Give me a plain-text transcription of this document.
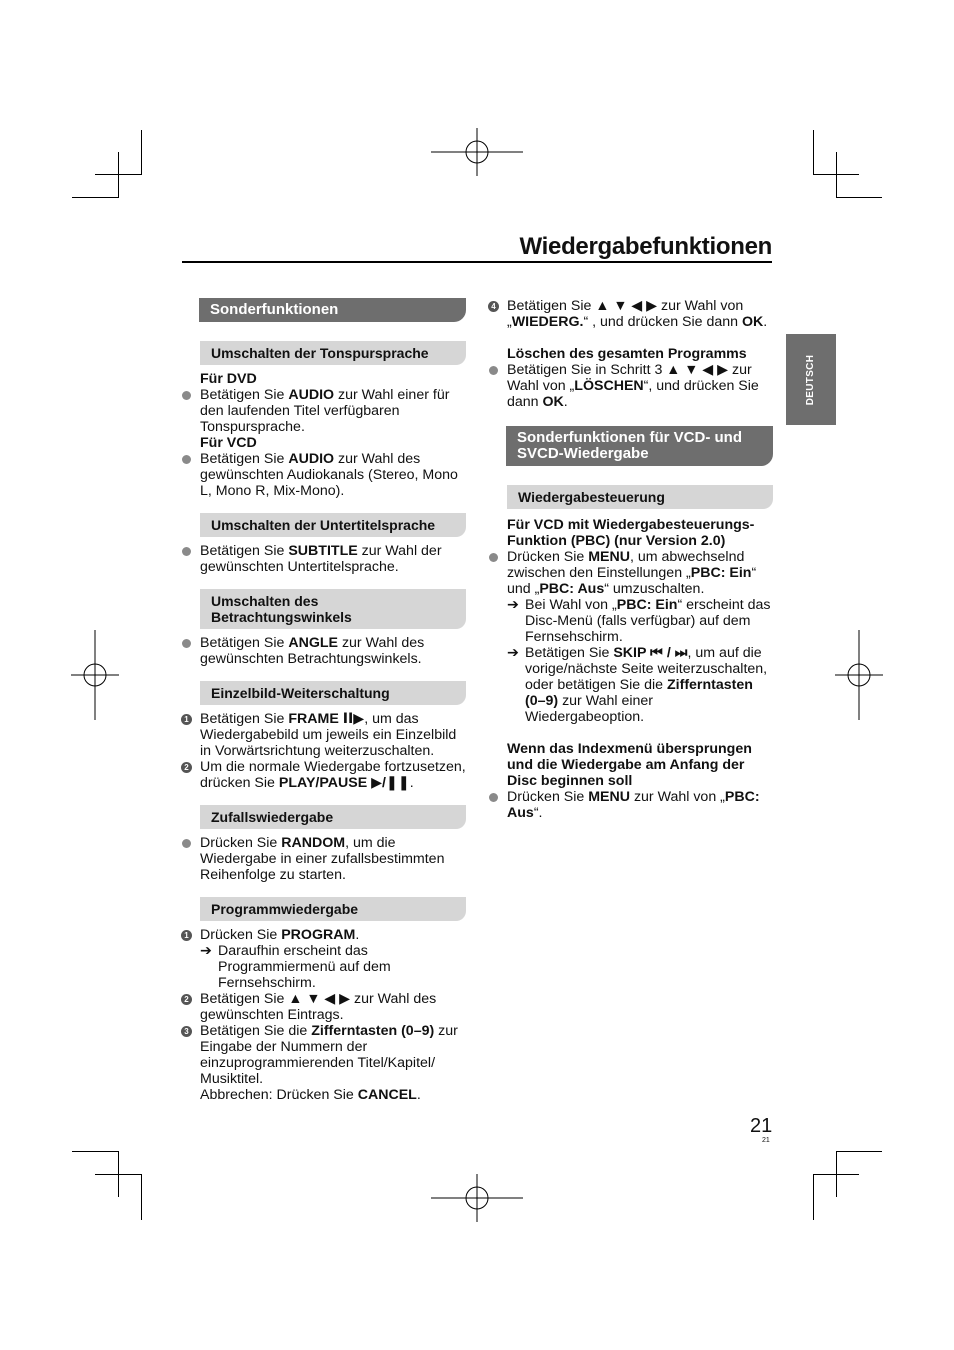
Wiedergabefunktionen
DEUTSCH
Sonderfunktionen
Umschalten der Tonspursprache
Für DVD
Betätigen Sie AUDIO zur Wahl einer für den laufenden Titel verfügbaren Tonspursprache.
Für VCD
Betätigen Sie AUDIO zur Wahl des gewünschten Audiokanals (Stereo, Mono L, Mono R, Mix-Mono).
Umschalten der Untertitelsprache
Betätigen Sie SUBTITLE zur Wahl der gewünschten Untertitelsprache.
Umschalten des Betrachtungswinkels
Betätigen Sie ANGLE zur Wahl des gewünschten Betrachtungswinkels.
Einzelbild-Weiterschaltung
1 Betätigen Sie FRAME ⅠⅠ▶, um das Wiedergabebild um jeweils ein Einzelbild in Vorwärtsrichtung weiterzuschalten.
2 Um die normale Wiedergabe fortzusetzen, drücken Sie PLAY/PAUSE ▶/❚❚.
Zufallswiedergabe
Drücken Sie RANDOM, um die Wiedergabe in einer zufallsbestimmten Reihenfolge zu starten.
Programmwiedergabe
1 Drücken Sie PROGRAM.
➔ Daraufhin erscheint das Programmiermenü auf dem Fernsehschirm.
2 Betätigen Sie ▲ ▼ ◀ ▶ zur Wahl des gewünschten Eintrags.
3 Betätigen Sie die Zifferntasten (0–9) zur Eingabe der Nummern der einzuprogrammierenden Titel/Kapitel/ Musiktitel.
Abbrechen: Drücken Sie CANCEL.
4 Betätigen Sie ▲ ▼ ◀ ▶ zur Wahl von „WIEDERG.“ , und drücken Sie dann OK.
Löschen des gesamten Programms
Betätigen Sie in Schritt 3 ▲ ▼ ◀ ▶ zur Wahl von „LÖSCHEN“, und drücken Sie dann OK.
Sonderfunktionen für VCD- und SVCD-Wiedergabe
Wiedergabesteuerung
Für VCD mit Wiedergabesteuerungs-Funktion (PBC) (nur Version 2.0)
Drücken Sie MENU, um abwechselnd zwischen den Einstellungen „PBC: Ein“ und „PBC: Aus“ umzuschalten.
➔ Bei Wahl von „PBC: Ein“ erscheint das Disc-Menü (falls verfügbar) auf dem Fernsehschirm.
➔ Betätigen Sie SKIP ⏮ / ⏭, um auf die vorige/nächste Seite weiterzuschalten, oder betätigen Sie die Zifferntasten (0–9) zur Wahl einer Wiedergabeoption.
Wenn das Indexmenü übersprungen und die Wiedergabe am Anfang der Disc beginnen soll
Drücken Sie MENU zur Wahl von „PBC: Aus“.
21
21
